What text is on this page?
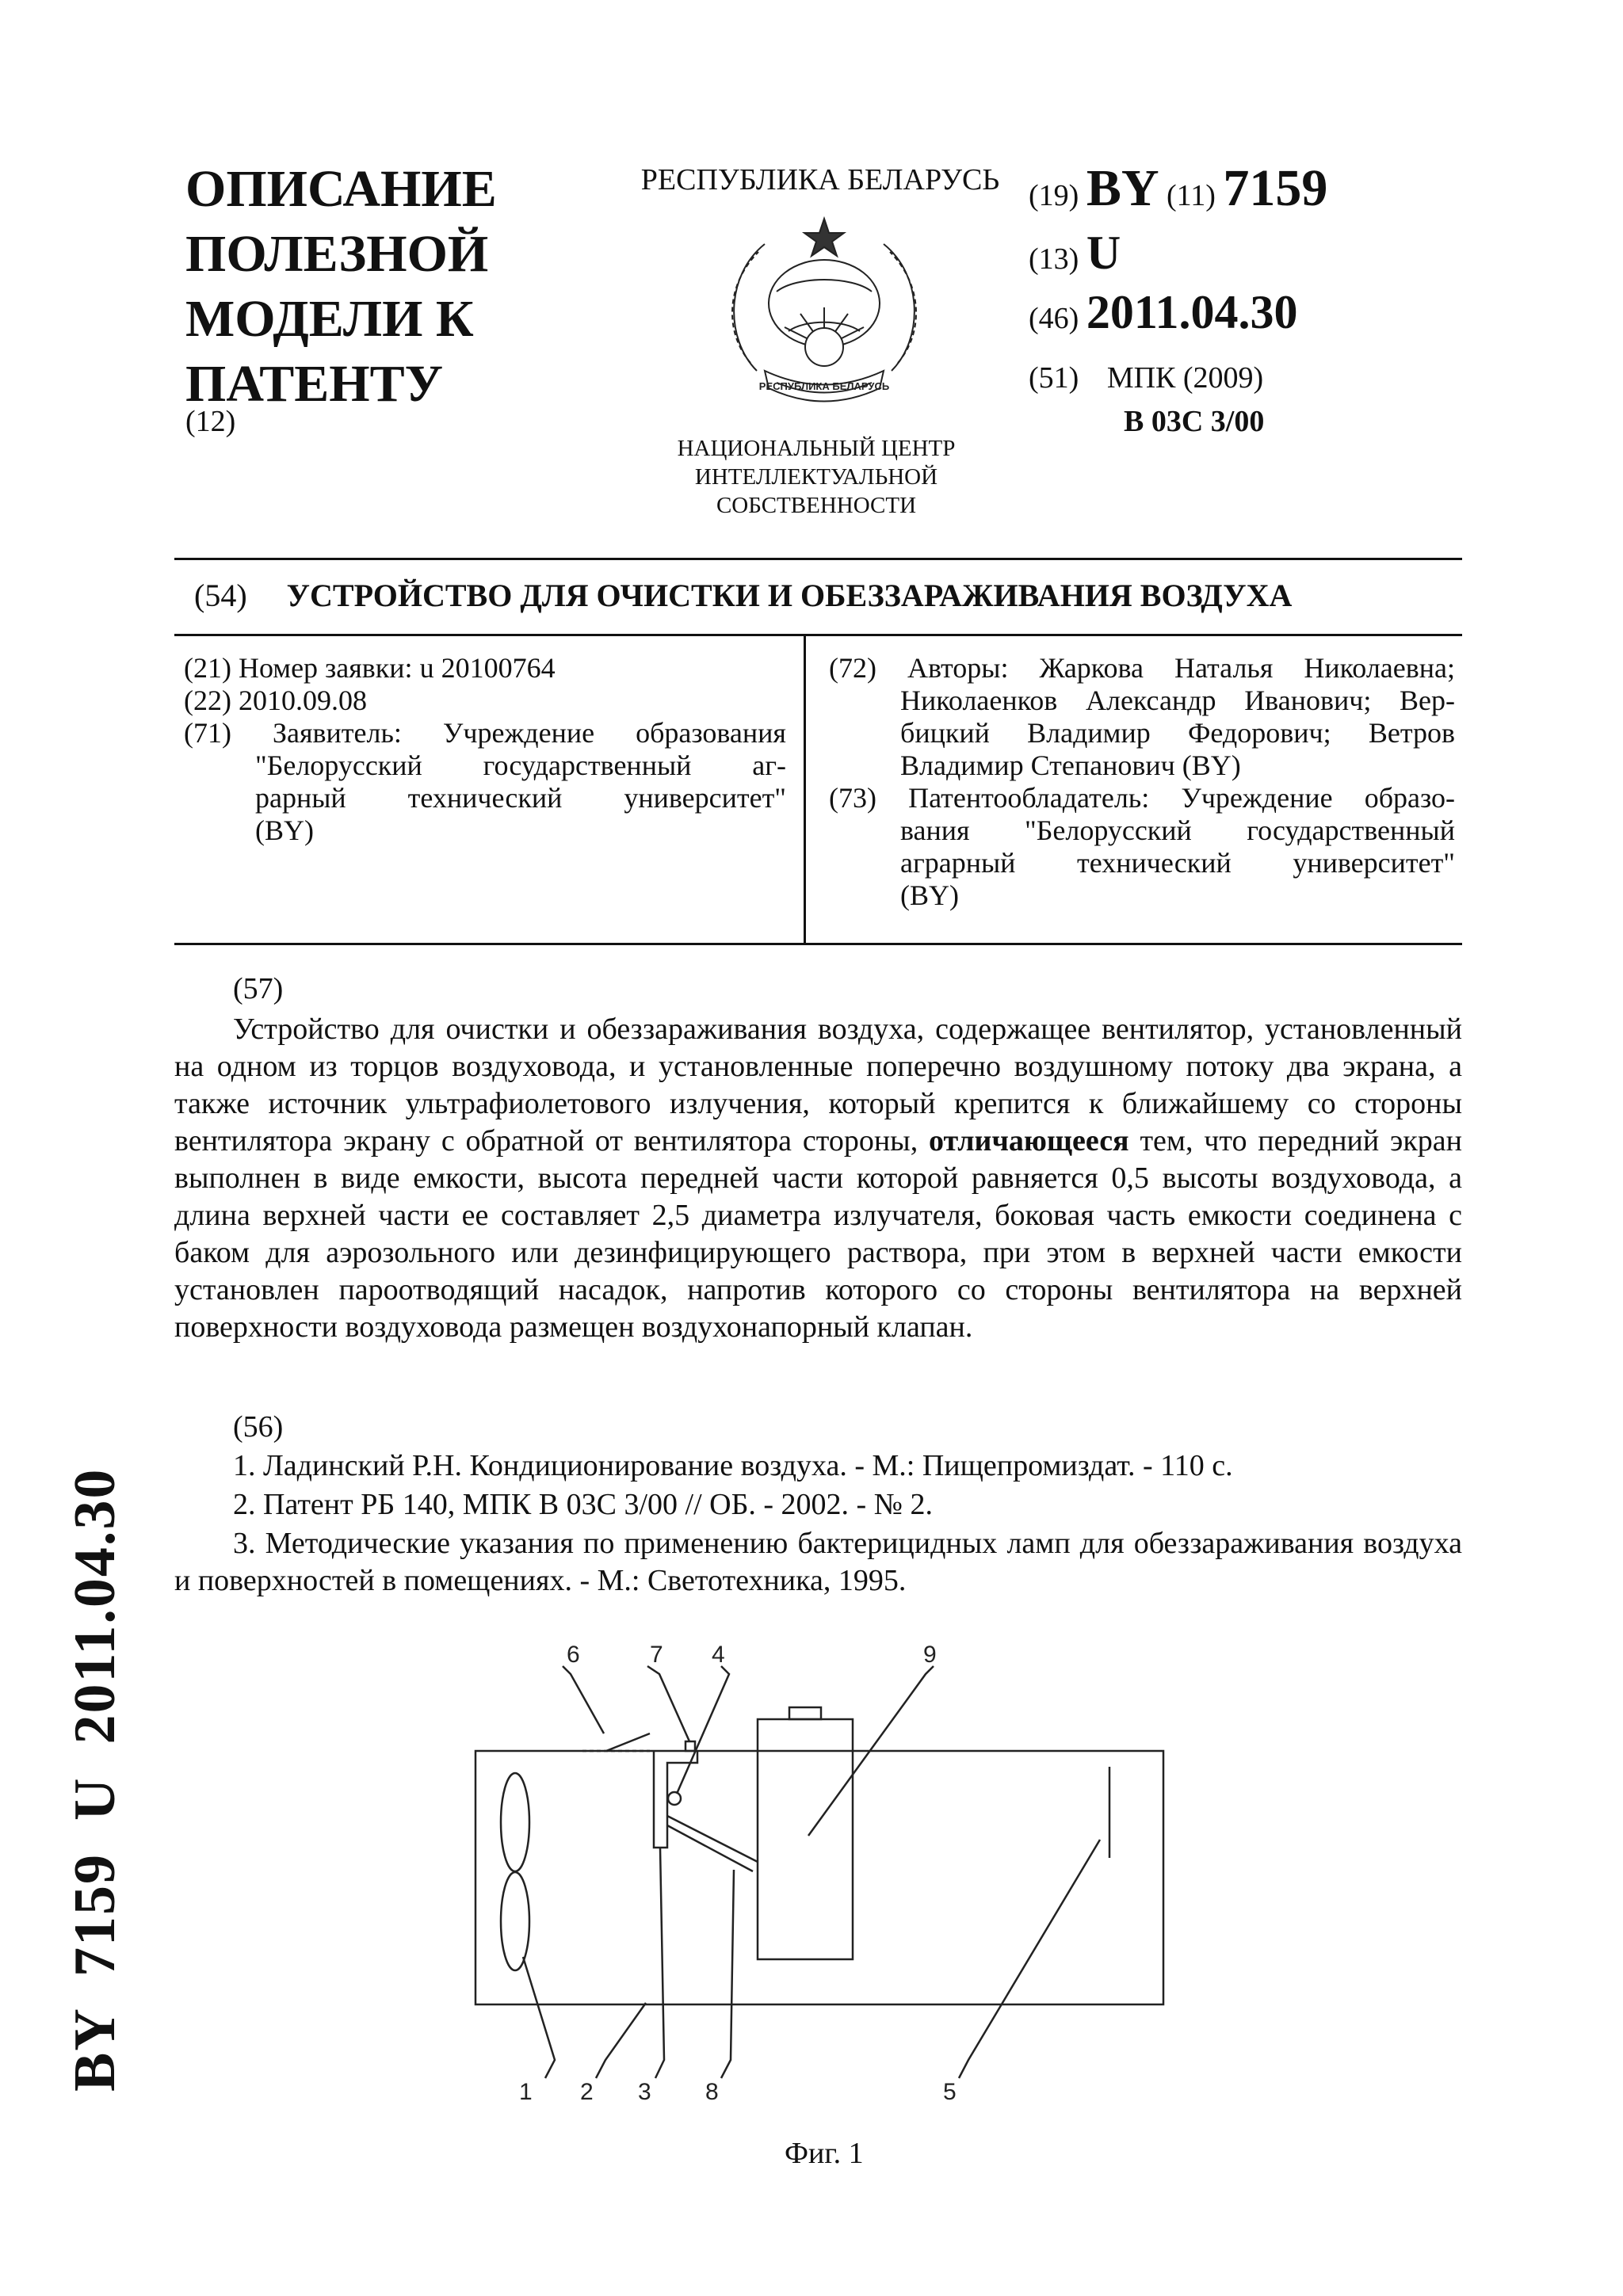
ОПИСАНИЕ
ПОЛЕЗНОЙ
МОДЕЛИ К
ПАТЕНТУ
(12)
РЕСПУБЛИКА БЕЛАРУСЬ
РЕСПУБЛИКА БЕЛАРУСЬ
НАЦИОНАЛЬНЫЙ ЦЕНТР
ИНТЕЛЛЕКТУАЛЬНОЙ
СОБСТВЕННОСТИ
(19) BY (11) 7159
(13) U
(46) 2011.04.30
(51) МПК (2009)
B 03C 3/00
(54) УСТРОЙСТВО ДЛЯ ОЧИСТКИ И ОБЕЗЗАРАЖИВАНИЯ ВОЗДУХА
(21) Номер заявки: u 20100764
(22) 2010.09.08
(71) Заявитель: Учреждение образования
"Белорусский государственный аг-
рарный технический университет"
(BY)
(72) Авторы: Жаркова Наталья Николаевна;
Николаенков Александр Иванович; Вер-
бицкий Владимир Федорович; Ветров
Владимир Степанович (BY)
(73) Патентообладатель: Учреждение образо-
вания "Белорусский государственный
аграрный технический университет"
(BY)
(57)

Устройство для очистки и обеззараживания воздуха, содержащее вентилятор, установленный на одном из торцов воздуховода, и установленные поперечно воздушному потоку два экрана, а также источник ультрафиолетового излучения, который крепится к ближайшему со стороны вентилятора экрану с обратной от вентилятора стороны, отличающееся тем, что передний экран выполнен в виде емкости, высота передней части которой равняется 0,5 высоты воздуховода, а длина верхней части ее составляет 2,5 диаметра излучателя, боковая часть емкости соединена с баком для аэрозольного или дезинфицирующего раствора, при этом в верхней части емкости установлен пароотводящий насадок, напротив которого со стороны вентилятора на верхней поверхности воздуховода размещен воздухонапорный клапан.

(56)
1. Ладинский Р.Н. Кондиционирование воздуха. - М.: Пищепромиздат. - 110 с.
2. Патент РБ 140, МПК B 03C 3/00 // ОБ. - 2002. - № 2.
3. Методические указания по применению бактерицидных ламп для обеззараживания воздуха и поверхностей в помещениях. - М.: Светотехника, 1995.
6	7 4	9
1 2 3 8	5
Фиг. 1
BY  7159  U  2011.04.30
